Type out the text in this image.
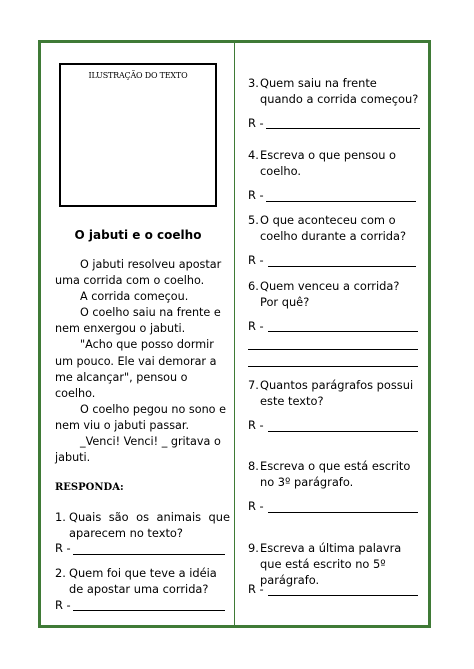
ILUSTRAÇÃO DO TEXTO
O jabuti e o coelho

O jabuti resolveu apostar uma corrida com o coelho.

A corrida começou.

O coelho saiu na frente e nem enxergou o jabuti.

"Acho que posso dormir um pouco. Ele vai demorar a me alcançar", pensou o coelho.

O coelho pegou no sono e nem viu o jabuti passar.

_Venci! Venci! _ gritava o jabuti.

RESPONDA:
1. Quais são os animais que aparecem no texto?
R -
2. Quem foi que teve a idéia de apostar uma corrida?
R -
3. Quem saiu na frente quando a corrida começou?
R -
4. Escreva o que pensou o coelho.
R -
5. O que aconteceu com o coelho durante a corrida?
R -
6. Quem venceu a corrida? Por quê?
R -
7. Quantos parágrafos possui este texto?
R -
8. Escreva o que está escrito no 3º parágrafo.
R -
9. Escreva a última palavra que está escrito no 5º parágrafo.
R -
